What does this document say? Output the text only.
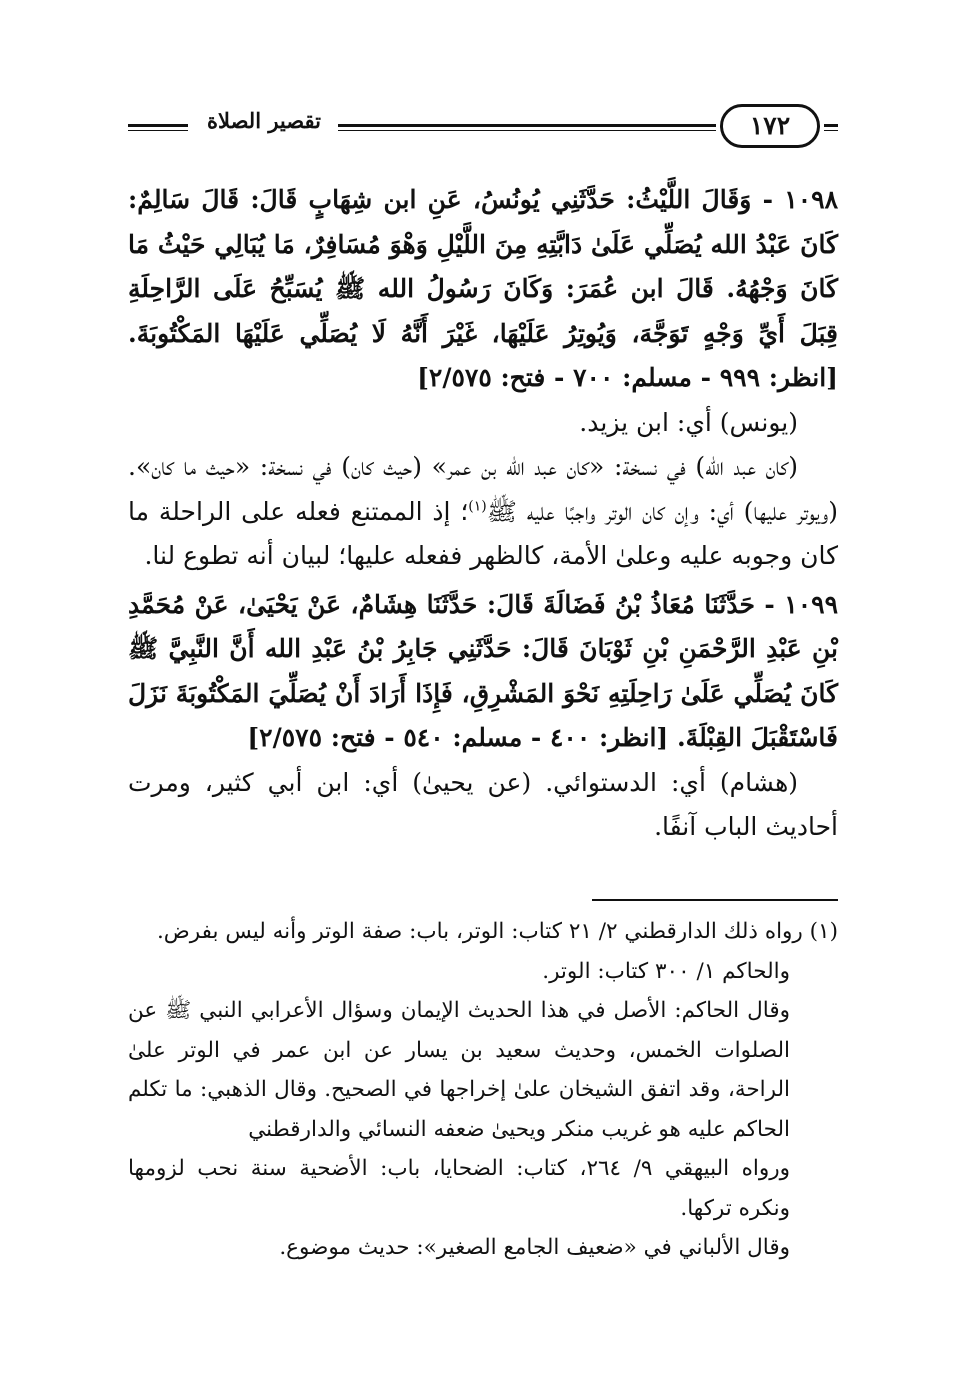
تقصير الصلاة	١٧٢

١٠٩٨ - وَقَالَ اللَّيْثُ: حَدَّثَنِي يُونُسُ، عَنِ ابن شِهَابٍ قَالَ: قَالَ سَالِمٌ: كَانَ عَبْدُ الله يُصَلِّي عَلَىٰ دَابَّتِهِ مِنَ اللَّيْلِ وَهْوَ مُسَافِرٌ، مَا يُبَالِي حَيْثُ مَا كَانَ وَجْهُهُ. قَالَ ابن عُمَرَ: وَكَانَ رَسُولُ الله ﷺ يُسَبِّحُ عَلَى الرَّاحِلَةِ قِبَلَ أَيِّ وَجْهٍ تَوَجَّهَ، وَيُوتِرُ عَلَيْهَا، غَيْرَ أَنَّهُ لَا يُصَلِّي عَلَيْهَا المَكْتُوبَةَ. [انظر: ٩٩٩ - مسلم: ٧٠٠ - فتح: ٢/٥٧٥]

(يونس) أي: ابن يزيد.

(كان عبد الله) في نسخة: «كان عبد الله بن عمر» (حيث كان) في نسخة: «حيث ما كان». (ويوتر عليها) أي: وإن كان الوتر واجبًا عليه ﷺ$^{(١)}$؛ إذ الممتنع فعله على الراحلة ما كان وجوبه عليه وعلىٰ الأمة، كالظهر ففعله عليها؛ لبيان أنه تطوع لنا.

١٠٩٩ - حَدَّثَنَا مُعَاذُ بْنُ فَضَالَةَ قَالَ: حَدَّثَنَا هِشَامٌ، عَنْ يَحْيَىٰ، عَنْ مُحَمَّدِ بْنِ عَبْدِ الرَّحْمَنِ بْنِ ثَوْبَانَ قَالَ: حَدَّثَنِي جَابِرُ بْنُ عَبْدِ الله أَنَّ النَّبِيَّ ﷺ كَانَ يُصَلِّي عَلَىٰ رَاحِلَتِهِ نَحْوَ المَشْرِقِ، فَإِذَا أَرَادَ أَنْ يُصَلِّيَ المَكْتُوبَةَ نَزَلَ فَاسْتَقْبَلَ القِبْلَةَ. [انظر: ٤٠٠ - مسلم: ٥٤٠ - فتح: ٢/٥٧٥]

(هشام) أي: الدستوائي. (عن يحيىٰ) أي: ابن أبي كثير، ومرت أحاديث الباب آنفًا.

(١) رواه ذلك الدارقطني ٢/ ٢١ كتاب: الوتر، باب: صفة الوتر وأنه ليس بفرض.

والحاكم ١/ ٣٠٠ كتاب: الوتر.

وقال الحاكم: الأصل في هذا الحديث الإيمان وسؤال الأعرابي النبي ﷺ عن الصلوات الخمس، وحديث سعيد بن يسار عن ابن عمر في الوتر علىٰ الراحة، وقد اتفق الشيخان علىٰ إخراجها في الصحيح. وقال الذهبي: ما تكلم الحاكم عليه هو غريب منكر ويحيىٰ ضعفه النسائي والدارقطني

ورواه البيهقي ٩/ ٢٦٤، كتاب: الضحايا، باب: الأضحية سنة نحب لزومها ونكره تركها.

وقال الألباني في «ضعيف الجامع الصغير»: حديث موضوع.
